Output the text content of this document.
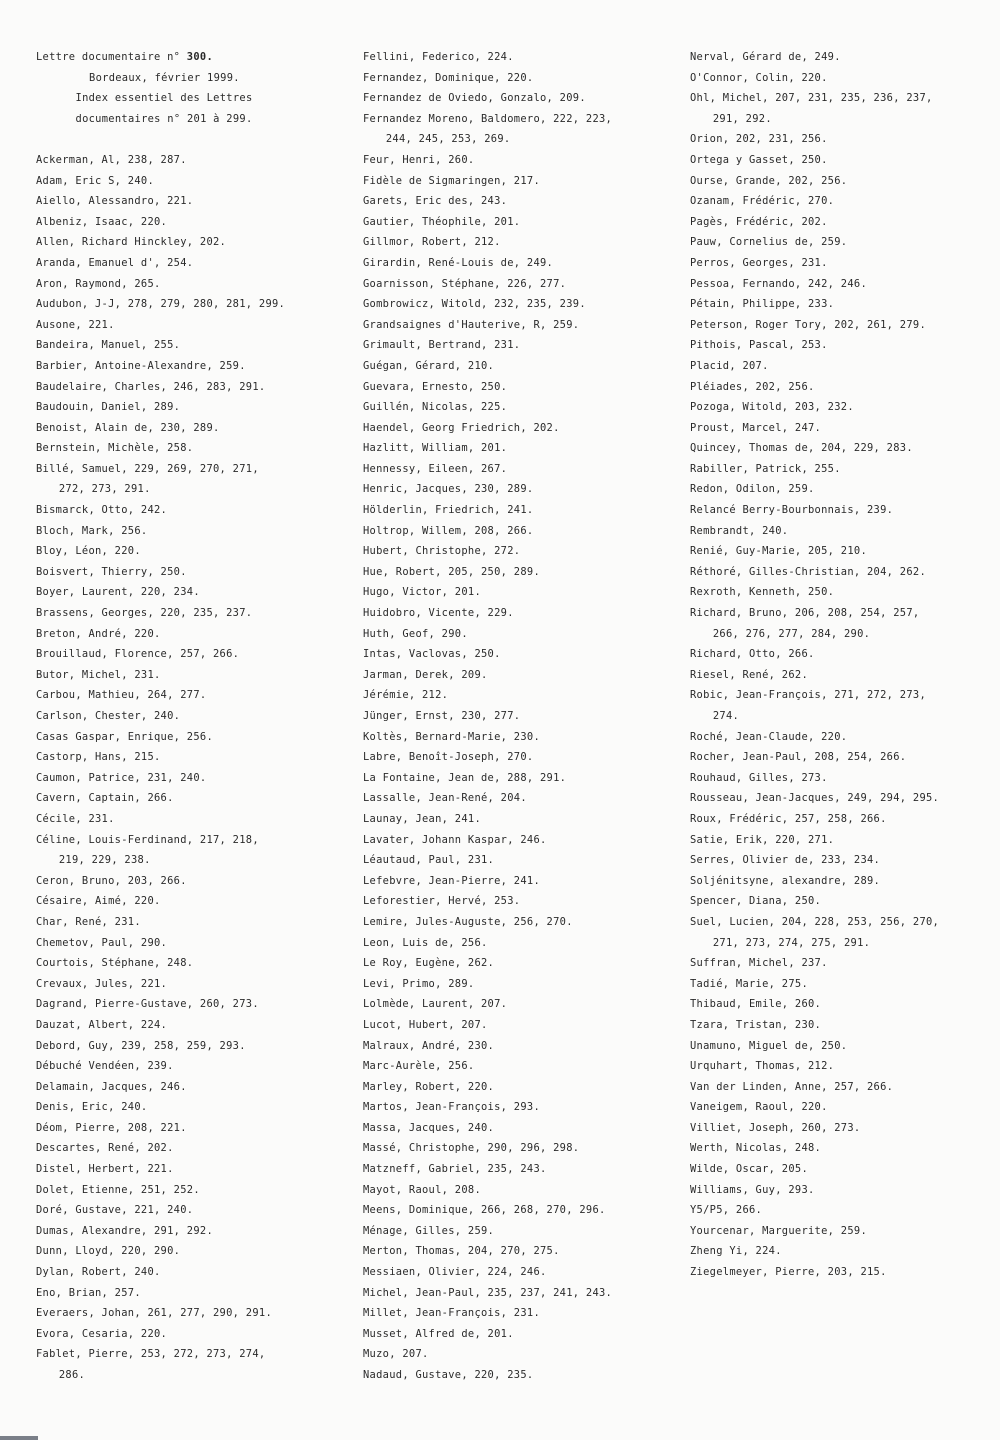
Lettre documentaire n° 300.
Bordeaux, février 1999.
Index essentiel des Lettres
documentaires n° 201 à 299.
Ackerman, Al, 238, 287.
Adam, Eric S, 240.
Aiello, Alessandro, 221.
Albeniz, Isaac, 220.
Allen, Richard Hinckley, 202.
Aranda, Emanuel d', 254.
Aron, Raymond, 265.
Audubon, J-J, 278, 279, 280, 281, 299.
Ausone, 221.
Bandeira, Manuel, 255.
Barbier, Antoine-Alexandre, 259.
Baudelaire, Charles, 246, 283, 291.
Baudouin, Daniel, 289.
Benoist, Alain de, 230, 289.
Bernstein, Michèle, 258.
Billé, Samuel, 229, 269, 270, 271,
272, 273, 291.
Bismarck, Otto, 242.
Bloch, Mark, 256.
Bloy, Léon, 220.
Boisvert, Thierry, 250.
Boyer, Laurent, 220, 234.
Brassens, Georges, 220, 235, 237.
Breton, André, 220.
Brouillaud, Florence, 257, 266.
Butor, Michel, 231.
Carbou, Mathieu, 264, 277.
Carlson, Chester, 240.
Casas Gaspar, Enrique, 256.
Castorp, Hans, 215.
Caumon, Patrice, 231, 240.
Cavern, Captain, 266.
Cécile, 231.
Céline, Louis-Ferdinand, 217, 218,
219, 229, 238.
Ceron, Bruno, 203, 266.
Césaire, Aimé, 220.
Char, René, 231.
Chemetov, Paul, 290.
Courtois, Stéphane, 248.
Crevaux, Jules, 221.
Dagrand, Pierre-Gustave, 260, 273.
Dauzat, Albert, 224.
Debord, Guy, 239, 258, 259, 293.
Débuché Vendéen, 239.
Delamain, Jacques, 246.
Denis, Eric, 240.
Déom, Pierre, 208, 221.
Descartes, René, 202.
Distel, Herbert, 221.
Dolet, Etienne, 251, 252.
Doré, Gustave, 221, 240.
Dumas, Alexandre, 291, 292.
Dunn, Lloyd, 220, 290.
Dylan, Robert, 240.
Eno, Brian, 257.
Everaers, Johan, 261, 277, 290, 291.
Evora, Cesaria, 220.
Fablet, Pierre, 253, 272, 273, 274,
286.
Fellini, Federico, 224.
Fernandez, Dominique, 220.
Fernandez de Oviedo, Gonzalo, 209.
Fernandez Moreno, Baldomero, 222, 223,
244, 245, 253, 269.
Feur, Henri, 260.
Fidèle de Sigmaringen, 217.
Garets, Eric des, 243.
Gautier, Théophile, 201.
Gillmor, Robert, 212.
Girardin, René-Louis de, 249.
Goarnisson, Stéphane, 226, 277.
Gombrowicz, Witold, 232, 235, 239.
Grandsaignes d'Hauterive, R, 259.
Grimault, Bertrand, 231.
Guégan, Gérard, 210.
Guevara, Ernesto, 250.
Guillén, Nicolas, 225.
Haendel, Georg Friedrich, 202.
Hazlitt, William, 201.
Hennessy, Eileen, 267.
Henric, Jacques, 230, 289.
Hölderlin, Friedrich, 241.
Holtrop, Willem, 208, 266.
Hubert, Christophe, 272.
Hue, Robert, 205, 250, 289.
Hugo, Victor, 201.
Huidobro, Vicente, 229.
Huth, Geof, 290.
Intas, Vaclovas, 250.
Jarman, Derek, 209.
Jérémie, 212.
Jünger, Ernst, 230, 277.
Koltès, Bernard-Marie, 230.
Labre, Benoît-Joseph, 270.
La Fontaine, Jean de, 288, 291.
Lassalle, Jean-René, 204.
Launay, Jean, 241.
Lavater, Johann Kaspar, 246.
Léautaud, Paul, 231.
Lefebvre, Jean-Pierre, 241.
Leforestier, Hervé, 253.
Lemire, Jules-Auguste, 256, 270.
Leon, Luis de, 256.
Le Roy, Eugène, 262.
Levi, Primo, 289.
Lolmède, Laurent, 207.
Lucot, Hubert, 207.
Malraux, André, 230.
Marc-Aurèle, 256.
Marley, Robert, 220.
Martos, Jean-François, 293.
Massa, Jacques, 240.
Massé, Christophe, 290, 296, 298.
Matzneff, Gabriel, 235, 243.
Mayot, Raoul, 208.
Meens, Dominique, 266, 268, 270, 296.
Ménage, Gilles, 259.
Merton, Thomas, 204, 270, 275.
Messiaen, Olivier, 224, 246.
Michel, Jean-Paul, 235, 237, 241, 243.
Millet, Jean-François, 231.
Musset, Alfred de, 201.
Muzo, 207.
Nadaud, Gustave, 220, 235.
Nerval, Gérard de, 249.
O'Connor, Colin, 220.
Ohl, Michel, 207, 231, 235, 236, 237,
291, 292.
Orion, 202, 231, 256.
Ortega y Gasset, 250.
Ourse, Grande, 202, 256.
Ozanam, Frédéric, 270.
Pagès, Frédéric, 202.
Pauw, Cornelius de, 259.
Perros, Georges, 231.
Pessoa, Fernando, 242, 246.
Pétain, Philippe, 233.
Peterson, Roger Tory, 202, 261, 279.
Pithois, Pascal, 253.
Placid, 207.
Pléiades, 202, 256.
Pozoga, Witold, 203, 232.
Proust, Marcel, 247.
Quincey, Thomas de, 204, 229, 283.
Rabiller, Patrick, 255.
Redon, Odilon, 259.
Relancé Berry-Bourbonnais, 239.
Rembrandt, 240.
Renié, Guy-Marie, 205, 210.
Réthoré, Gilles-Christian, 204, 262.
Rexroth, Kenneth, 250.
Richard, Bruno, 206, 208, 254, 257,
266, 276, 277, 284, 290.
Richard, Otto, 266.
Riesel, René, 262.
Robic, Jean-François, 271, 272, 273,
274.
Roché, Jean-Claude, 220.
Rocher, Jean-Paul, 208, 254, 266.
Rouhaud, Gilles, 273.
Rousseau, Jean-Jacques, 249, 294, 295.
Roux, Frédéric, 257, 258, 266.
Satie, Erik, 220, 271.
Serres, Olivier de, 233, 234.
Soljénitsyne, alexandre, 289.
Spencer, Diana, 250.
Suel, Lucien, 204, 228, 253, 256, 270,
271, 273, 274, 275, 291.
Suffran, Michel, 237.
Tadié, Marie, 275.
Thibaud, Emile, 260.
Tzara, Tristan, 230.
Unamuno, Miguel de, 250.
Urquhart, Thomas, 212.
Van der Linden, Anne, 257, 266.
Vaneigem, Raoul, 220.
Villiet, Joseph, 260, 273.
Werth, Nicolas, 248.
Wilde, Oscar, 205.
Williams, Guy, 293.
Y5/P5, 266.
Yourcenar, Marguerite, 259.
Zheng Yi, 224.
Ziegelmeyer, Pierre, 203, 215.
